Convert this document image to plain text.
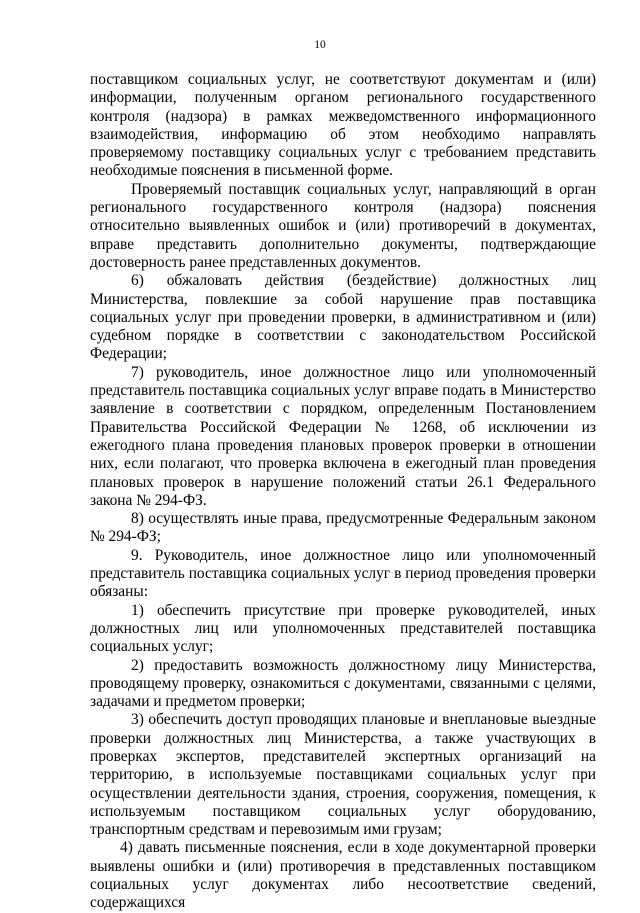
10

поставщиком социальных услуг, не соответствуют документам и (или) информации, полученным органом регионального государственного контроля (надзора) в рамках межведомственного информационного взаимодействия, информацию об этом необходимо направлять проверяемому поставщику социальных услуг с требованием представить необходимые пояснения в письменной форме.

Проверяемый поставщик социальных услуг, направляющий в орган регионального государственного контроля (надзора) пояснения относительно выявленных ошибок и (или) противоречий в документах, вправе представить дополнительно документы, подтверждающие достоверность ранее представленных документов.

6) обжаловать действия (бездействие) должностных лиц Министерства, повлекшие за собой нарушение прав поставщика социальных услуг при проведении проверки, в административном и (или) судебном порядке в соответствии с законодательством Российской Федерации;

7) руководитель, иное должностное лицо или уполномоченный представитель поставщика социальных услуг вправе подать в Министерство заявление в соответствии с порядком, определенным Постановлением Правительства Российской Федерации № 1268, об исключении из ежегодного плана проведения плановых проверок проверки в отношении них, если полагают, что проверка включена в ежегодный план проведения плановых проверок в нарушение положений статьи 26.1 Федерального закона № 294-ФЗ.

8) осуществлять иные права, предусмотренные Федеральным законом № 294-ФЗ;

9. Руководитель, иное должностное лицо или уполномоченный представитель поставщика социальных услуг в период проведения проверки обязаны:

1) обеспечить присутствие при проверке руководителей, иных должностных лиц или уполномоченных представителей поставщика социальных услуг;

2) предоставить возможность должностному лицу Министерства, проводящему проверку, ознакомиться с документами, связанными с целями, задачами и предметом проверки;

3) обеспечить доступ проводящих плановые и внеплановые выездные проверки должностных лиц Министерства, а также участвующих в проверках экспертов, представителей экспертных организаций на территорию, в используемые поставщиками социальных услуг при осуществлении деятельности здания, строения, сооружения, помещения, к используемым поставщиком социальных услуг оборудованию, транспортным средствам и перевозимым ими грузам;

4) давать письменные пояснения, если в ходе документарной проверки выявлены ошибки и (или) противоречия в представленных поставщиком социальных услуг документах либо несоответствие сведений, содержащихся
